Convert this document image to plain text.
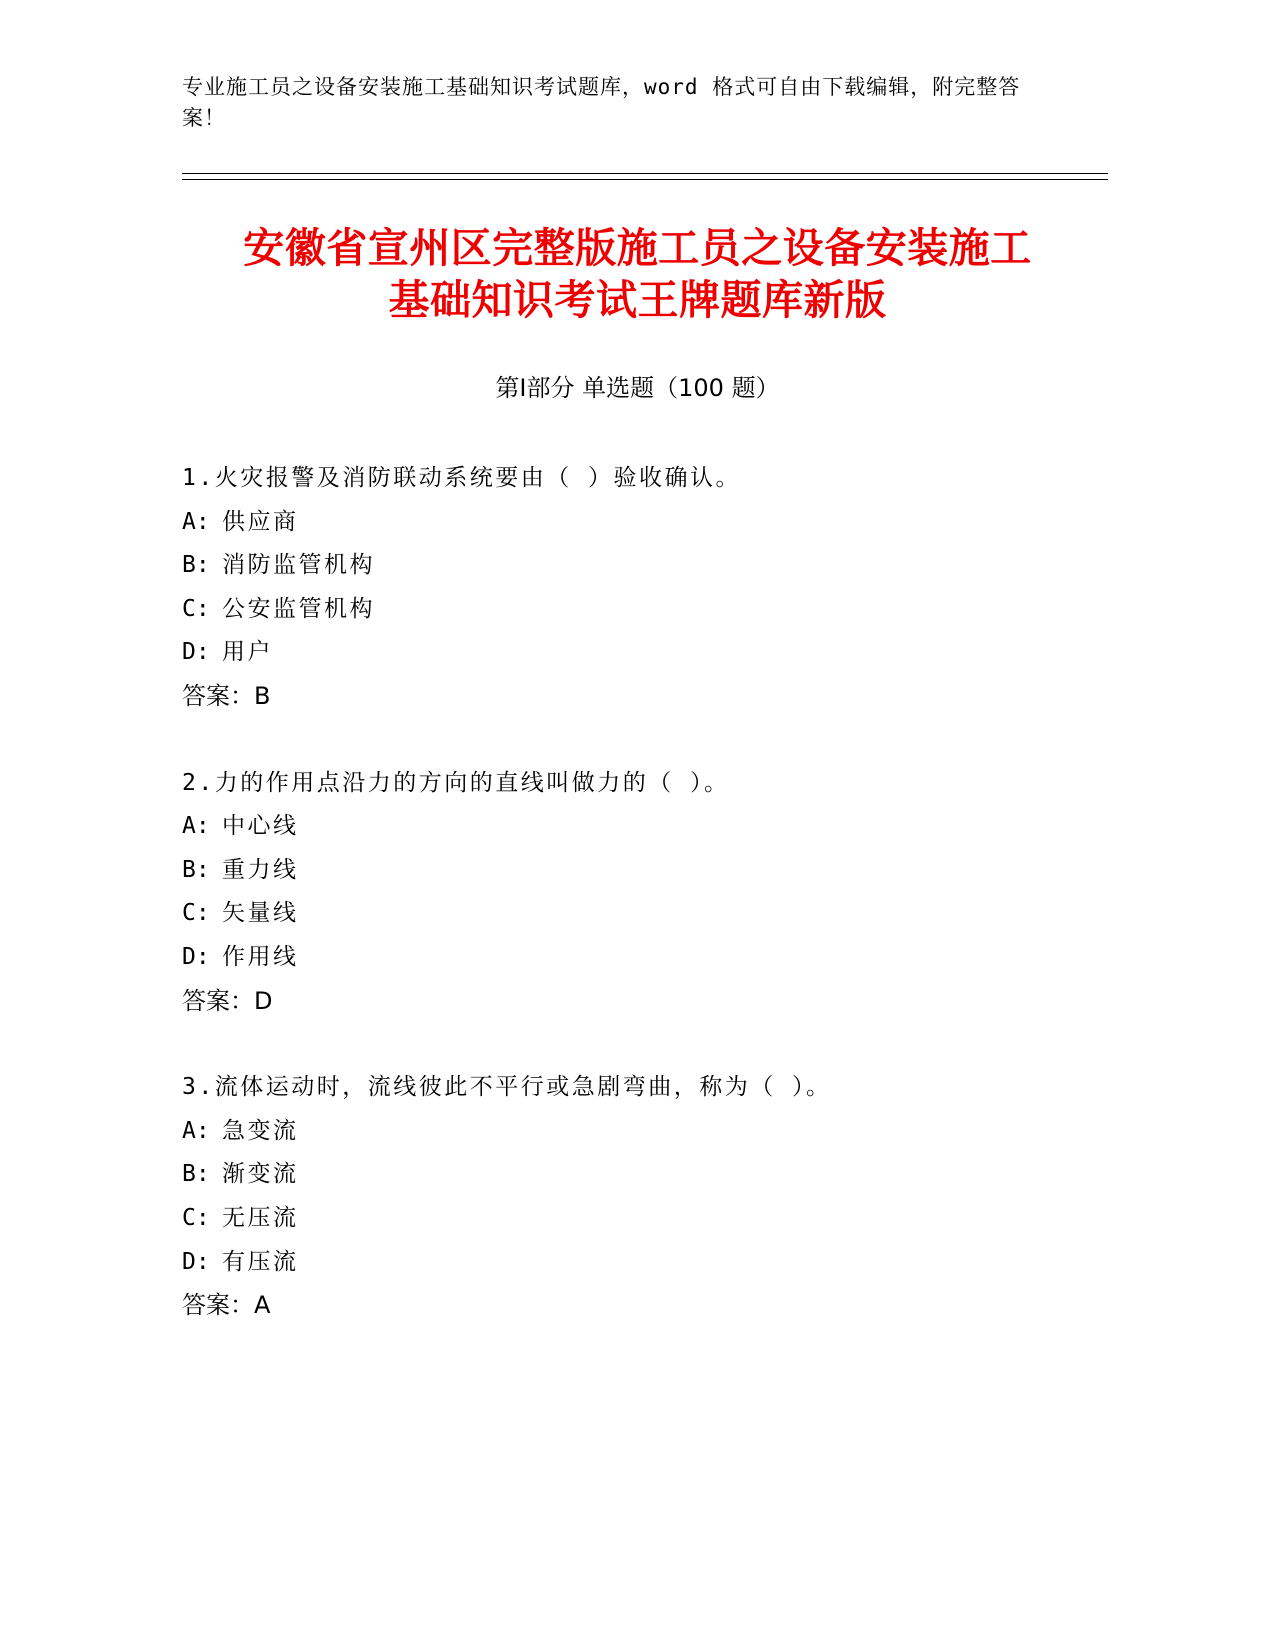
专业施工员之设备安装施工基础知识考试题库，word 格式可自由下载编辑，附完整答案！
安徽省宣州区完整版施工员之设备安装施工
基础知识考试王牌题库新版
第Ⅰ部分 单选题（100 题）
1.火灾报警及消防联动系统要由（ ）验收确认。
A: 供应商
B: 消防监管机构
C: 公安监管机构
D: 用户
答案：B
2.力的作用点沿力的方向的直线叫做力的（ ）。
A: 中心线
B: 重力线
C: 矢量线
D: 作用线
答案：D
3.流体运动时，流线彼此不平行或急剧弯曲，称为（ ）。
A: 急变流
B: 渐变流
C: 无压流
D: 有压流
答案：A
